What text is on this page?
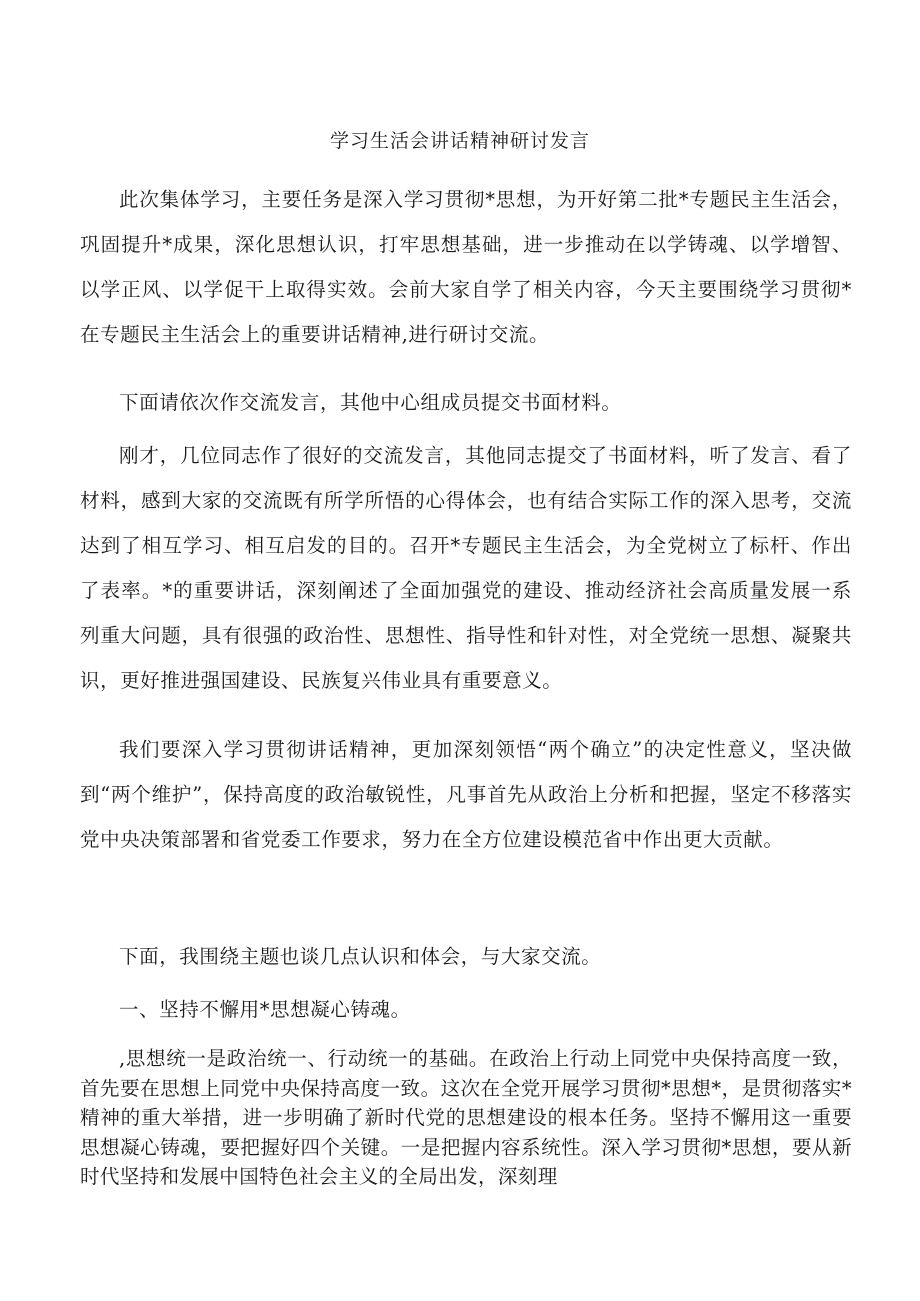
学习生活会讲话精神研讨发言

此次集体学习，主要任务是深入学习贯彻*思想，为开好第二批*专题民主生活会，巩固提升*成果，深化思想认识，打牢思想基础，进一步推动在以学铸魂、以学增智、以学正风、以学促干上取得实效。会前大家自学了相关内容，今天主要围绕学习贯彻*在专题民主生活会上的重要讲话精神,进行研讨交流。

下面请依次作交流发言，其他中心组成员提交书面材料。

刚才，几位同志作了很好的交流发言，其他同志提交了书面材料，听了发言、看了材料，感到大家的交流既有所学所悟的心得体会，也有结合实际工作的深入思考，交流达到了相互学习、相互启发的目的。召开*专题民主生活会，为全党树立了标杆、作出了表率。*的重要讲话，深刻阐述了全面加强党的建设、推动经济社会高质量发展一系列重大问题，具有很强的政治性、思想性、指导性和针对性，对全党统一思想、凝聚共识，更好推进强国建设、民族复兴伟业具有重要意义。

我们要深入学习贯彻讲话精神，更加深刻领悟“两个确立”的决定性意义，坚决做到“两个维护”，保持高度的政治敏锐性，凡事首先从政治上分析和把握，坚定不移落实党中央决策部署和省党委工作要求，努力在全方位建设模范省中作出更大贡献。

下面，我围绕主题也谈几点认识和体会，与大家交流。

一、坚持不懈用*思想凝心铸魂。

,思想统一是政治统一、行动统一的基础。在政治上行动上同党中央保持高度一致，首先要在思想上同党中央保持高度一致。这次在全党开展学习贯彻*思想*，是贯彻落实*精神的重大举措，进一步明确了新时代党的思想建设的根本任务。坚持不懈用这一重要思想凝心铸魂，要把握好四个关键。一是把握内容系统性。深入学习贯彻*思想，要从新时代坚持和发展中国特色社会主义的全局出发，深刻理
